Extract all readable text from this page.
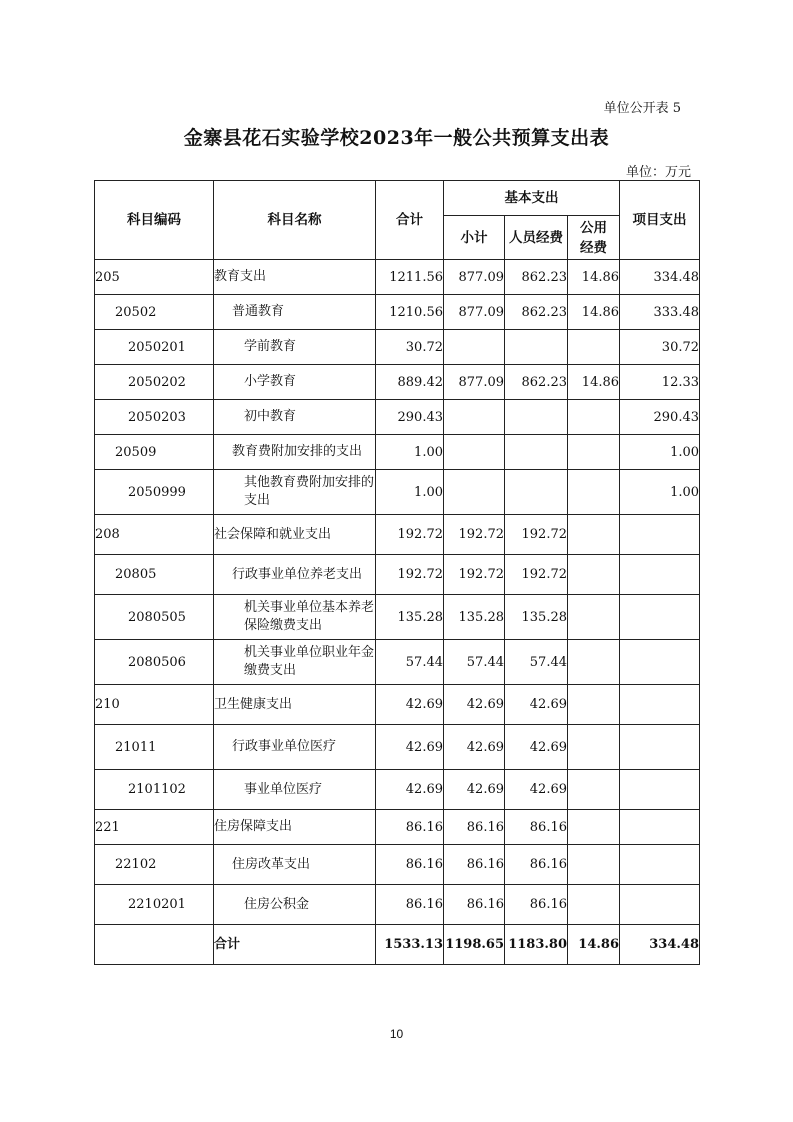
单位公开表 5
金寨县花石实验学校2023年一般公共预算支出表
单位：万元
科目编码	科目名称	合计	基本支出			项目支出
			小计	人员经费	公用经费	
205	教育支出	1211.56	877.09	862.23	14.86	334.48
20502	普通教育	1210.56	877.09	862.23	14.86	333.48
2050201	学前教育	30.72				30.72
2050202	小学教育	889.42	877.09	862.23	14.86	12.33
2050203	初中教育	290.43				290.43
20509	教育费附加安排的支出	1.00				1.00
2050999	其他教育费附加安排的支出	1.00				1.00
208	社会保障和就业支出	192.72	192.72	192.72		
20805	行政事业单位养老支出	192.72	192.72	192.72		
2080505	机关事业单位基本养老保险缴费支出	135.28	135.28	135.28		
2080506	机关事业单位职业年金缴费支出	57.44	57.44	57.44		
210	卫生健康支出	42.69	42.69	42.69		
21011	行政事业单位医疗	42.69	42.69	42.69		
2101102	事业单位医疗	42.69	42.69	42.69		
221	住房保障支出	86.16	86.16	86.16		
22102	住房改革支出	86.16	86.16	86.16		
2210201	住房公积金	86.16	86.16	86.16		
	合计	1533.13	1198.65	1183.80	14.86	334.48
10
